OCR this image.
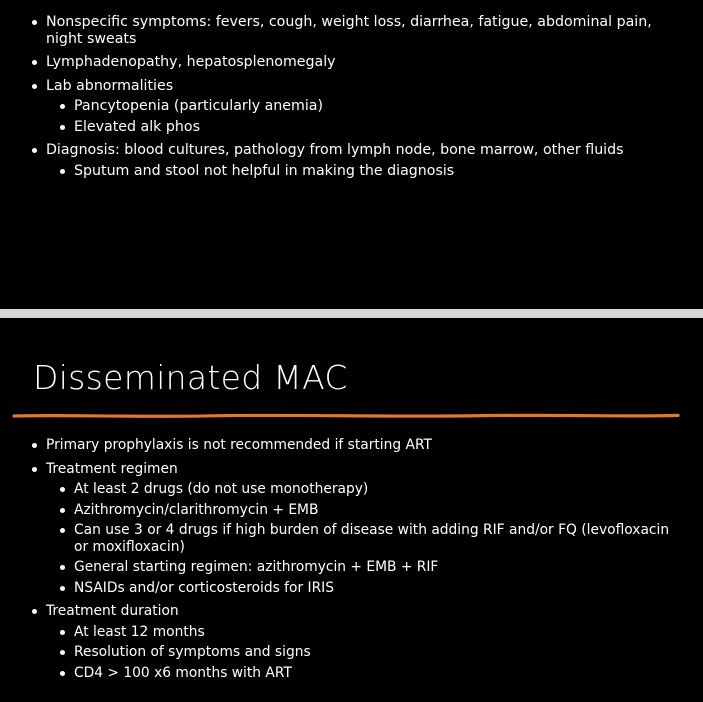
Nonspecific symptoms: fevers, cough, weight loss, diarrhea, fatigue, abdominal pain, night sweats
Lymphadenopathy, hepatosplenomegaly
Lab abnormalities
Pancytopenia (particularly anemia)
Elevated alk phos
Diagnosis: blood cultures, pathology from lymph node, bone marrow, other fluids
Sputum and stool not helpful in making the diagnosis
Disseminated MAC
Primary prophylaxis is not recommended if starting ART
Treatment regimen
At least 2 drugs (do not use monotherapy)
Azithromycin/clarithromycin + EMB
Can use 3 or 4 drugs if high burden of disease with adding RIF and/or FQ (levofloxacin or moxifloxacin)
General starting regimen: azithromycin + EMB + RIF
NSAIDs and/or corticosteroids for IRIS
Treatment duration
At least 12 months
Resolution of symptoms and signs
CD4 > 100 x6 months with ART
